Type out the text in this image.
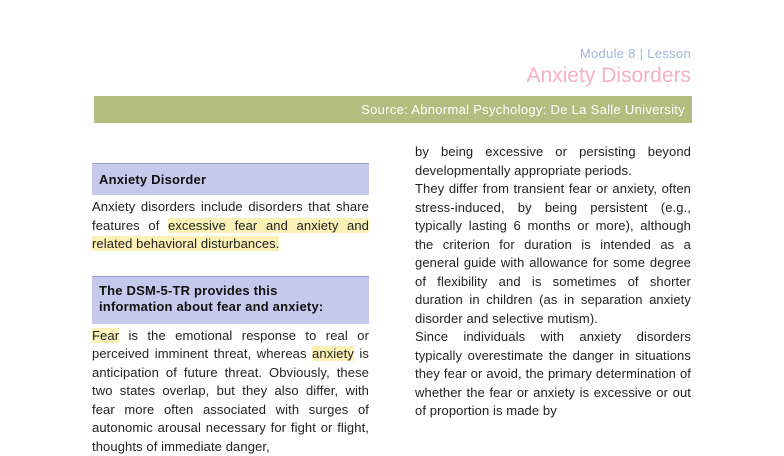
Module 8 | Lesson
Anxiety Disorders
Source: Abnormal Psychology: De La Salle University
Anxiety Disorder
Anxiety disorders include disorders that share features of excessive fear and anxiety and related behavioral disturbances.
The DSM-5-TR provides this
information about fear and anxiety:
Fear is the emotional response to real or perceived imminent threat, whereas anxiety is anticipation of future threat. Obviously, these two states overlap, but they also differ, with fear more often associated with surges of autonomic arousal necessary for fight or flight, thoughts of immediate danger,

by being excessive or persisting beyond developmentally appropriate periods.

They differ from transient fear or anxiety, often stress-induced, by being persistent (e.g., typically lasting 6 months or more), although the criterion for duration is intended as a general guide with allowance for some degree of flexibility and is sometimes of shorter duration in children (as in separation anxiety disorder and selective mutism).

Since individuals with anxiety disorders typically overestimate the danger in situations they fear or avoid, the primary determination of whether the fear or anxiety is excessive or out of proportion is made by
